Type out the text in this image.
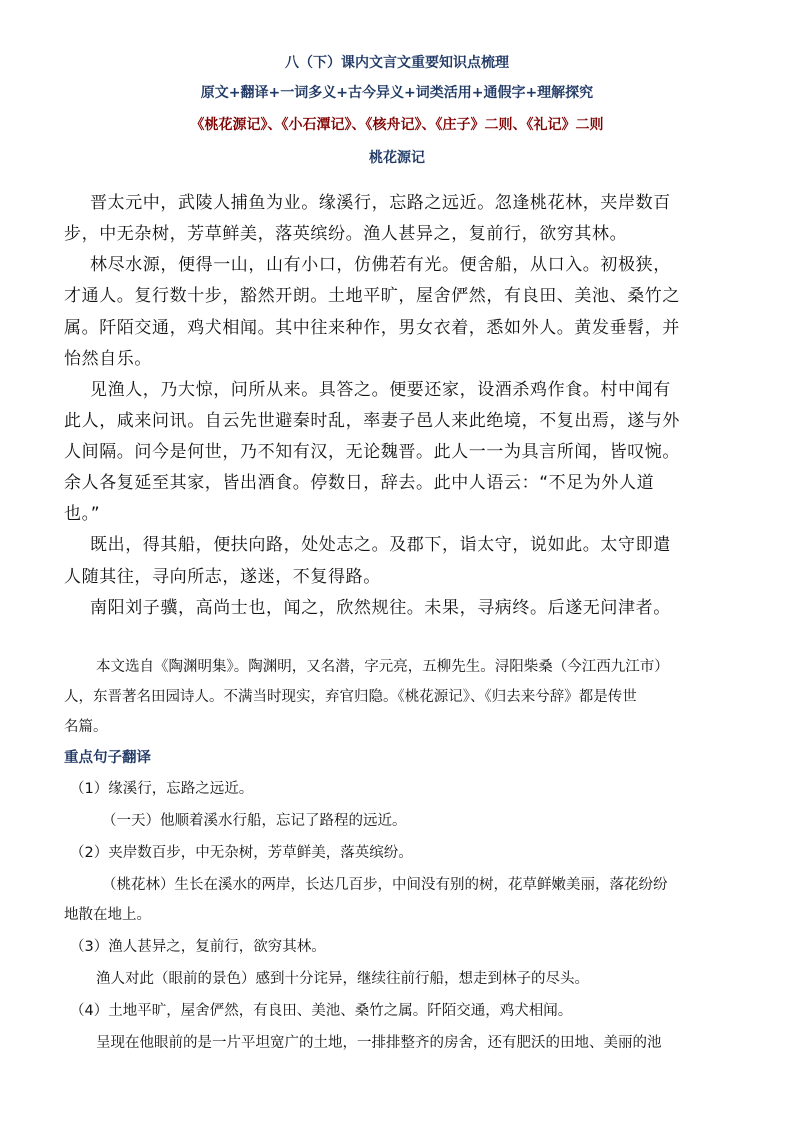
八（下）课内文言文重要知识点梳理
原文+翻译+一词多义+古今异义+词类活用+通假字+理解探究
《桃花源记》、《小石潭记》、《核舟记》、《庄子》二则、《礼记》二则
桃花源记
晋太元中，武陵人捕鱼为业。缘溪行，忘路之远近。忽逢桃花林，夹岸数百
步，中无杂树，芳草鲜美，落英缤纷。渔人甚异之，复前行，欲穷其林。
林尽水源，便得一山，山有小口，仿佛若有光。便舍船，从口入。初极狭，
才通人。复行数十步，豁然开朗。土地平旷，屋舍俨然，有良田、美池、桑竹之
属。阡陌交通，鸡犬相闻。其中往来种作，男女衣着，悉如外人。黄发垂髫，并
怡然自乐。
见渔人，乃大惊，问所从来。具答之。便要还家，设酒杀鸡作食。村中闻有
此人，咸来问讯。自云先世避秦时乱，率妻子邑人来此绝境，不复出焉，遂与外
人间隔。问今是何世，乃不知有汉，无论魏晋。此人一一为具言所闻，皆叹惋。
余人各复延至其家，皆出酒食。停数日，辞去。此中人语云：“不足为外人道
也。”
既出，得其船，便扶向路，处处志之。及郡下，诣太守，说如此。太守即遣
人随其往，寻向所志，遂迷，不复得路。
南阳刘子骥，高尚士也，闻之，欣然规往。未果，寻病终。后遂无问津者。
本文选自《陶渊明集》。陶渊明，又名潜，字元亮，五柳先生。浔阳柴桑（今江西九江市）
人，东晋著名田园诗人。不满当时现实，弃官归隐。《桃花源记》、《归去来兮辞》都是传世
名篇。
重点句子翻译
（1）缘溪行，忘路之远近。
（一天）他顺着溪水行船，忘记了路程的远近。
（2）夹岸数百步，中无杂树，芳草鲜美，落英缤纷。
（桃花林）生长在溪水的两岸，长达几百步，中间没有别的树，花草鲜嫩美丽，落花纷纷
地散在地上。
（3）渔人甚异之，复前行，欲穷其林。
渔人对此（眼前的景色）感到十分诧异，继续往前行船，想走到林子的尽头。
（4）土地平旷，屋舍俨然，有良田、美池、桑竹之属。阡陌交通，鸡犬相闻。
呈现在他眼前的是一片平坦宽广的土地，一排排整齐的房舍，还有肥沃的田地、美丽的池
